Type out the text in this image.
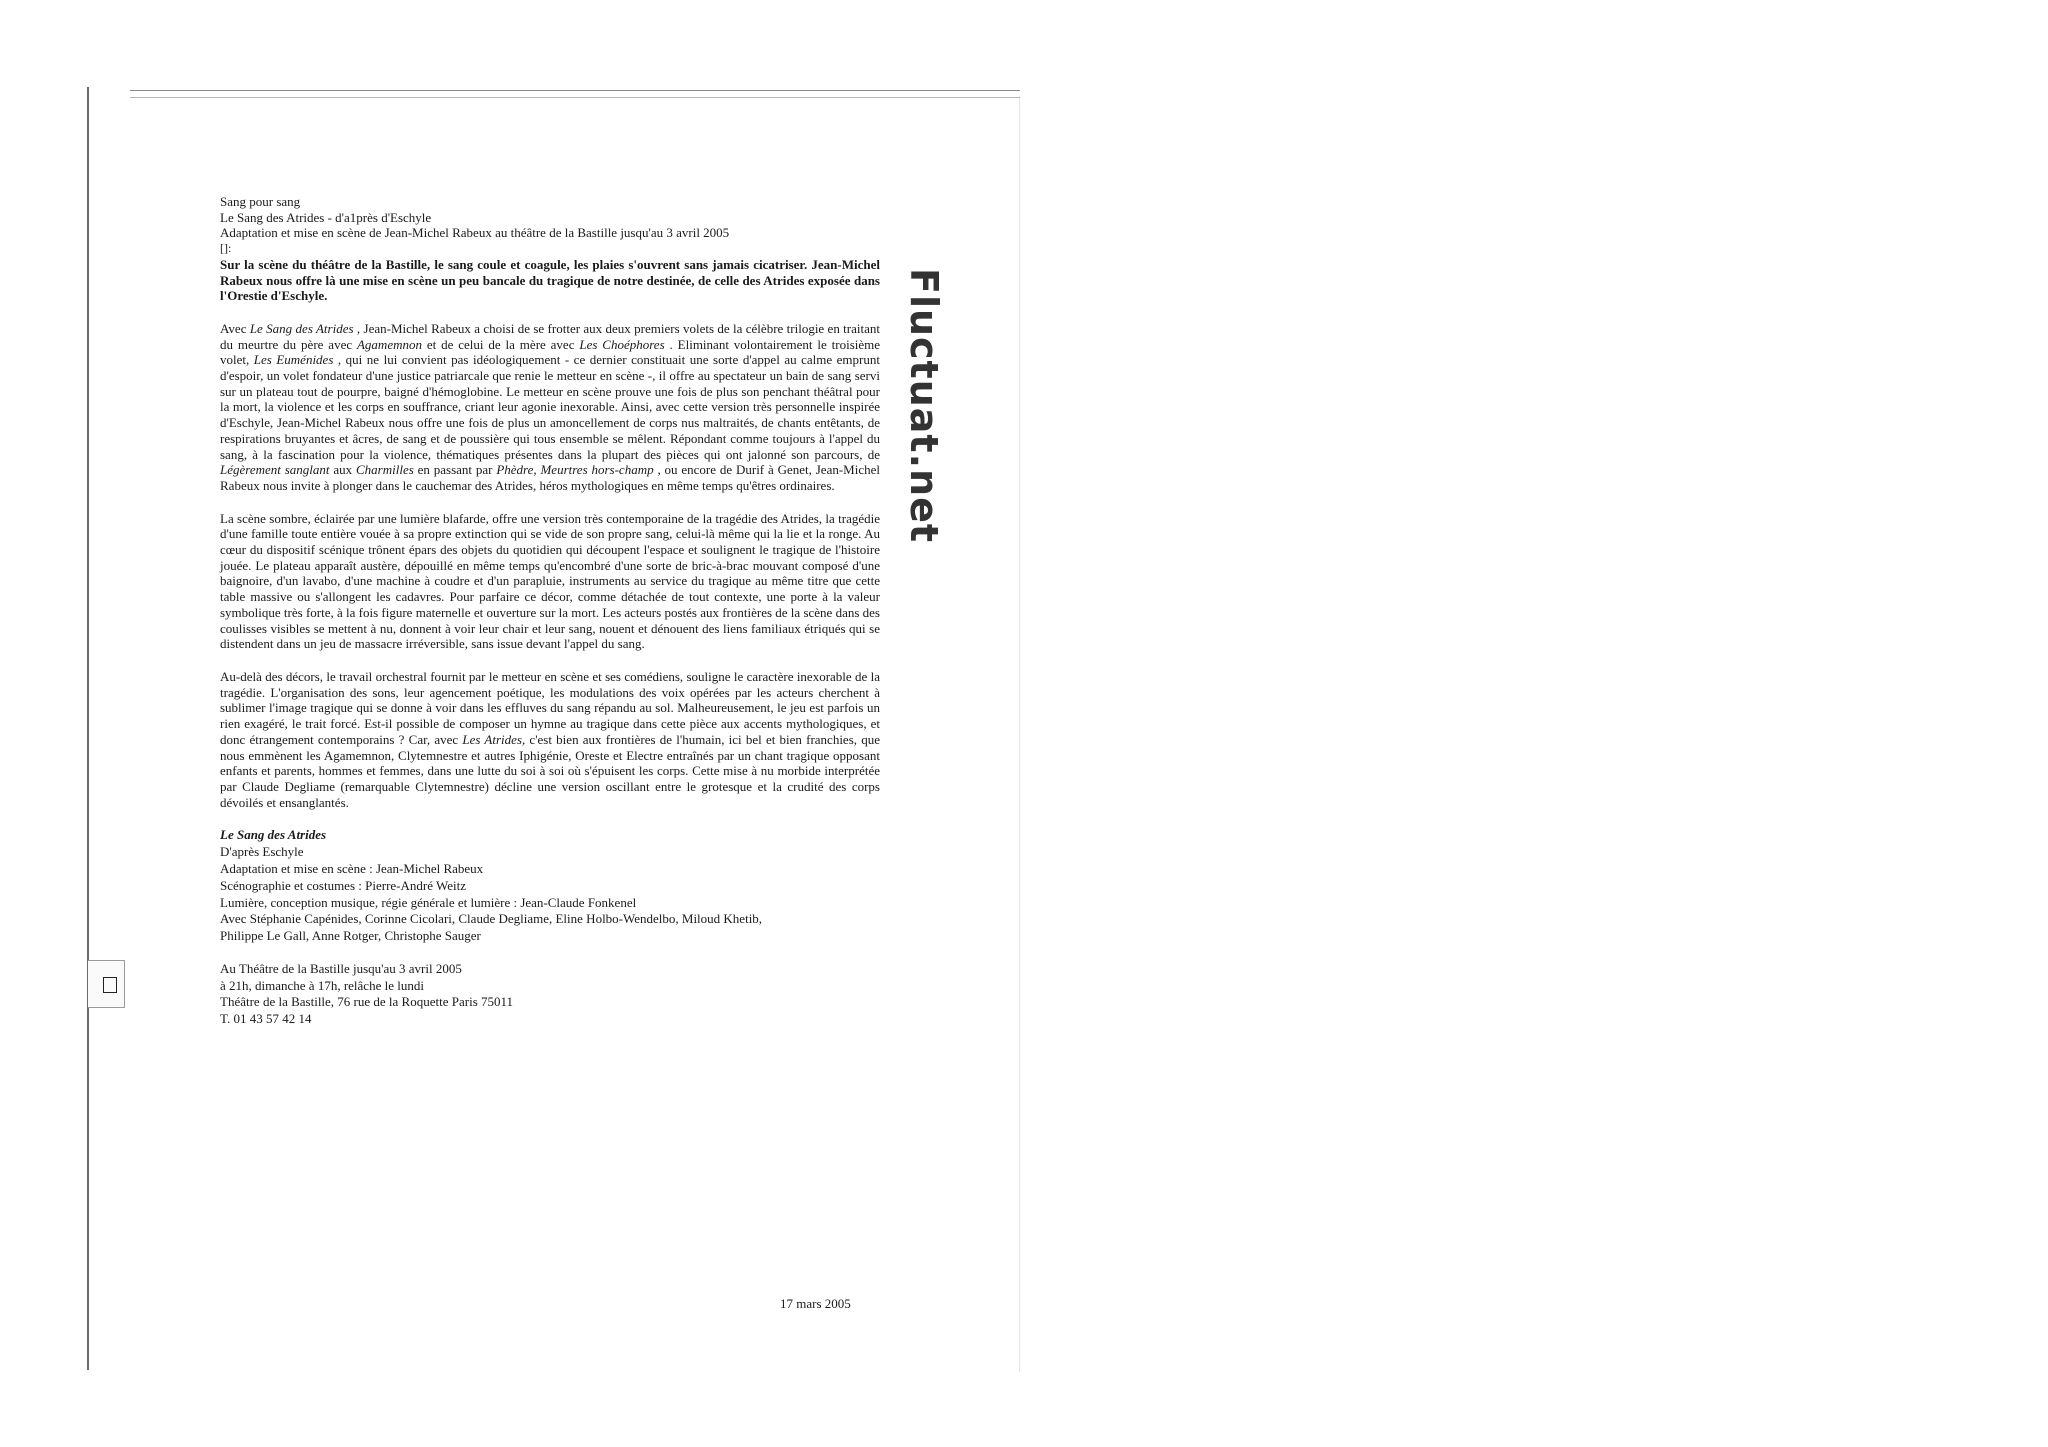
Fluctuat.net

Sang pour sang

Le Sang des Atrides - d'a1près d'Eschyle
Adaptation et mise en scène de Jean-Michel Rabeux au théâtre de la Bastille jusqu'au 3 avril 2005

[]:

Sur la scène du théâtre de la Bastille, le sang coule et coagule, les plaies s'ouvrent sans jamais cicatriser. Jean-Michel Rabeux nous offre là une mise en scène un peu bancale du tragique de notre destinée, de celle des Atrides exposée dans l'Orestie d'Eschyle.

Avec Le Sang des Atrides , Jean-Michel Rabeux a choisi de se frotter aux deux premiers volets de la célèbre trilogie en traitant du meurtre du père avec Agamemnon et de celui de la mère avec Les Choéphores . Eliminant volontairement le troisième volet, Les Euménides , qui ne lui convient pas idéologiquement - ce dernier constituait une sorte d'appel au calme emprunt d'espoir, un volet fondateur d'une justice patriarcale que renie le metteur en scène -, il offre au spectateur un bain de sang servi sur un plateau tout de pourpre, baigné d'hémoglobine. Le metteur en scène prouve une fois de plus son penchant théâtral pour la mort, la violence et les corps en souffrance, criant leur agonie inexorable. Ainsi, avec cette version très personnelle inspirée d'Eschyle, Jean-Michel Rabeux nous offre une fois de plus un amoncellement de corps nus maltraités, de chants entêtants, de respirations bruyantes et âcres, de sang et de poussière qui tous ensemble se mêlent. Répondant comme toujours à l'appel du sang, à la fascination pour la violence, thématiques présentes dans la plupart des pièces qui ont jalonné son parcours, de Légèrement sanglant aux Charmilles en passant par Phèdre, Meurtres hors-champ , ou encore de Durif à Genet, Jean-Michel Rabeux nous invite à plonger dans le cauchemar des Atrides, héros mythologiques en même temps qu'êtres ordinaires.

La scène sombre, éclairée par une lumière blafarde, offre une version très contemporaine de la tragédie des Atrides, la tragédie d'une famille toute entière vouée à sa propre extinction qui se vide de son propre sang, celui-là même qui la lie et la ronge. Au cœur du dispositif scénique trônent épars des objets du quotidien qui découpent l'espace et soulignent le tragique de l'histoire jouée. Le plateau apparaît austère, dépouillé en même temps qu'encombré d'une sorte de bric-à-brac mouvant composé d'une baignoire, d'un lavabo, d'une machine à coudre et d'un parapluie, instruments au service du tragique au même titre que cette table massive ou s'allongent les cadavres. Pour parfaire ce décor, comme détachée de tout contexte, une porte à la valeur symbolique très forte, à la fois figure maternelle et ouverture sur la mort. Les acteurs postés aux frontières de la scène dans des coulisses visibles se mettent à nu, donnent à voir leur chair et leur sang, nouent et dénouent des liens familiaux étriqués qui se distendent dans un jeu de massacre irréversible, sans issue devant l'appel du sang.

Au-delà des décors, le travail orchestral fournit par le metteur en scène et ses comédiens, souligne le caractère inexorable de la tragédie. L'organisation des sons, leur agencement poétique, les modulations des voix opérées par les acteurs cherchent à sublimer l'image tragique qui se donne à voir dans les effluves du sang répandu au sol. Malheureusement, le jeu est parfois un rien exagéré, le trait forcé. Est-il possible de composer un hymne au tragique dans cette pièce aux accents mythologiques, et donc étrangement contemporains ? Car, avec Les Atrides, c'est bien aux frontières de l'humain, ici bel et bien franchies, que nous emmènent les Agamemnon, Clytemnestre et autres Iphigénie, Oreste et Electre entraînés par un chant tragique opposant enfants et parents, hommes et femmes, dans une lutte du soi à soi où s'épuisent les corps. Cette mise à nu morbide interprétée par Claude Degliame (remarquable Clytemnestre) décline une version oscillant entre le grotesque et la crudité des corps dévoilés et ensanglantés.

Le Sang des Atrides
D'après Eschyle
Adaptation et mise en scène : Jean-Michel Rabeux
Scénographie et costumes : Pierre-André Weitz
Lumière, conception musique, régie générale et lumière : Jean-Claude Fonkenel
Avec Stéphanie Capénides, Corinne Cicolari, Claude Degliame, Eline Holbo-Wendelbo, Miloud Khetib,
Philippe Le Gall, Anne Rotger, Christophe Sauger
Au Théâtre de la Bastille jusqu'au 3 avril 2005
à 21h, dimanche à 17h, relâche le lundi
Théâtre de la Bastille, 76 rue de la Roquette Paris 75011
T. 01 43 57 42 14
17 mars 2005
